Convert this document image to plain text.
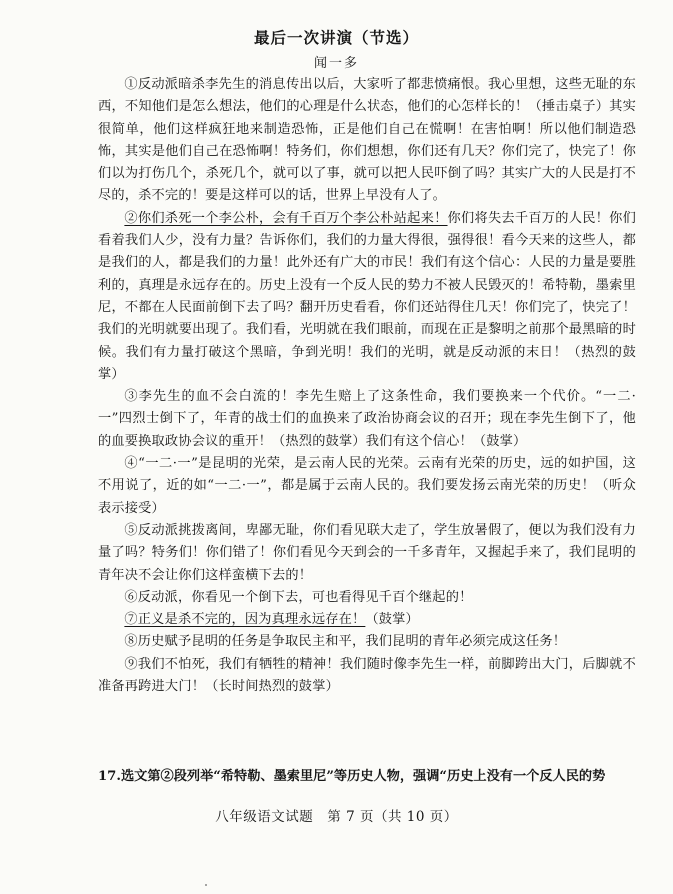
最后一次讲演（节选）
闻一多

①反动派暗杀李先生的消息传出以后，大家听了都悲愤痛恨。我心里想，这些无耻的东西，不知他们是怎么想法，他们的心理是什么状态，他们的心怎样长的！（捶击桌子）其实很简单，他们这样疯狂地来制造恐怖，正是他们自己在慌啊！在害怕啊！所以他们制造恐怖，其实是他们自己在恐怖啊！特务们，你们想想，你们还有几天？你们完了，快完了！你们以为打伤几个，杀死几个，就可以了事，就可以把人民吓倒了吗？其实广大的人民是打不尽的，杀不完的！要是这样可以的话，世界上早没有人了。

②你们杀死一个李公朴，会有千百万个李公朴站起来！你们将失去千百万的人民！你们看着我们人少，没有力量？告诉你们，我们的力量大得很，强得很！看今天来的这些人，都是我们的人，都是我们的力量！此外还有广大的市民！我们有这个信心：人民的力量是要胜利的，真理是永远存在的。历史上没有一个反人民的势力不被人民毁灭的！希特勒，墨索里尼，不都在人民面前倒下去了吗？翻开历史看看，你们还站得住几天！你们完了，快完了！我们的光明就要出现了。我们看，光明就在我们眼前，而现在正是黎明之前那个最黑暗的时候。我们有力量打破这个黑暗，争到光明！我们的光明，就是反动派的末日！（热烈的鼓掌）

③李先生的血不会白流的！李先生赔上了这条性命，我们要换来一个代价。“一二·一”四烈士倒下了，年青的战士们的血换来了政治协商会议的召开；现在李先生倒下了，他的血要换取政协会议的重开！（热烈的鼓掌）我们有这个信心！（鼓掌）

④“一二·一”是昆明的光荣，是云南人民的光荣。云南有光荣的历史，远的如护国，这不用说了，近的如“一二·一”，都是属于云南人民的。我们要发扬云南光荣的历史！（听众表示接受）

⑤反动派挑拨离间，卑鄙无耻，你们看见联大走了，学生放暑假了，便以为我们没有力量了吗？特务们！你们错了！你们看见今天到会的一千多青年，又握起手来了，我们昆明的青年决不会让你们这样蛮横下去的！

⑥反动派，你看见一个倒下去，可也看得见千百个继起的！

⑦正义是杀不完的，因为真理永远存在！（鼓掌）

⑧历史赋予昆明的任务是争取民主和平，我们昆明的青年必须完成这任务！

⑨我们不怕死，我们有牺牲的精神！我们随时像李先生一样，前脚跨出大门，后脚就不准备再跨进大门！（长时间热烈的鼓掌）

17.选文第②段列举“希特勒、墨索里尼”等历史人物，强调“历史上没有一个反人民的势
八年级语文试题　第 7 页（共 10 页）
